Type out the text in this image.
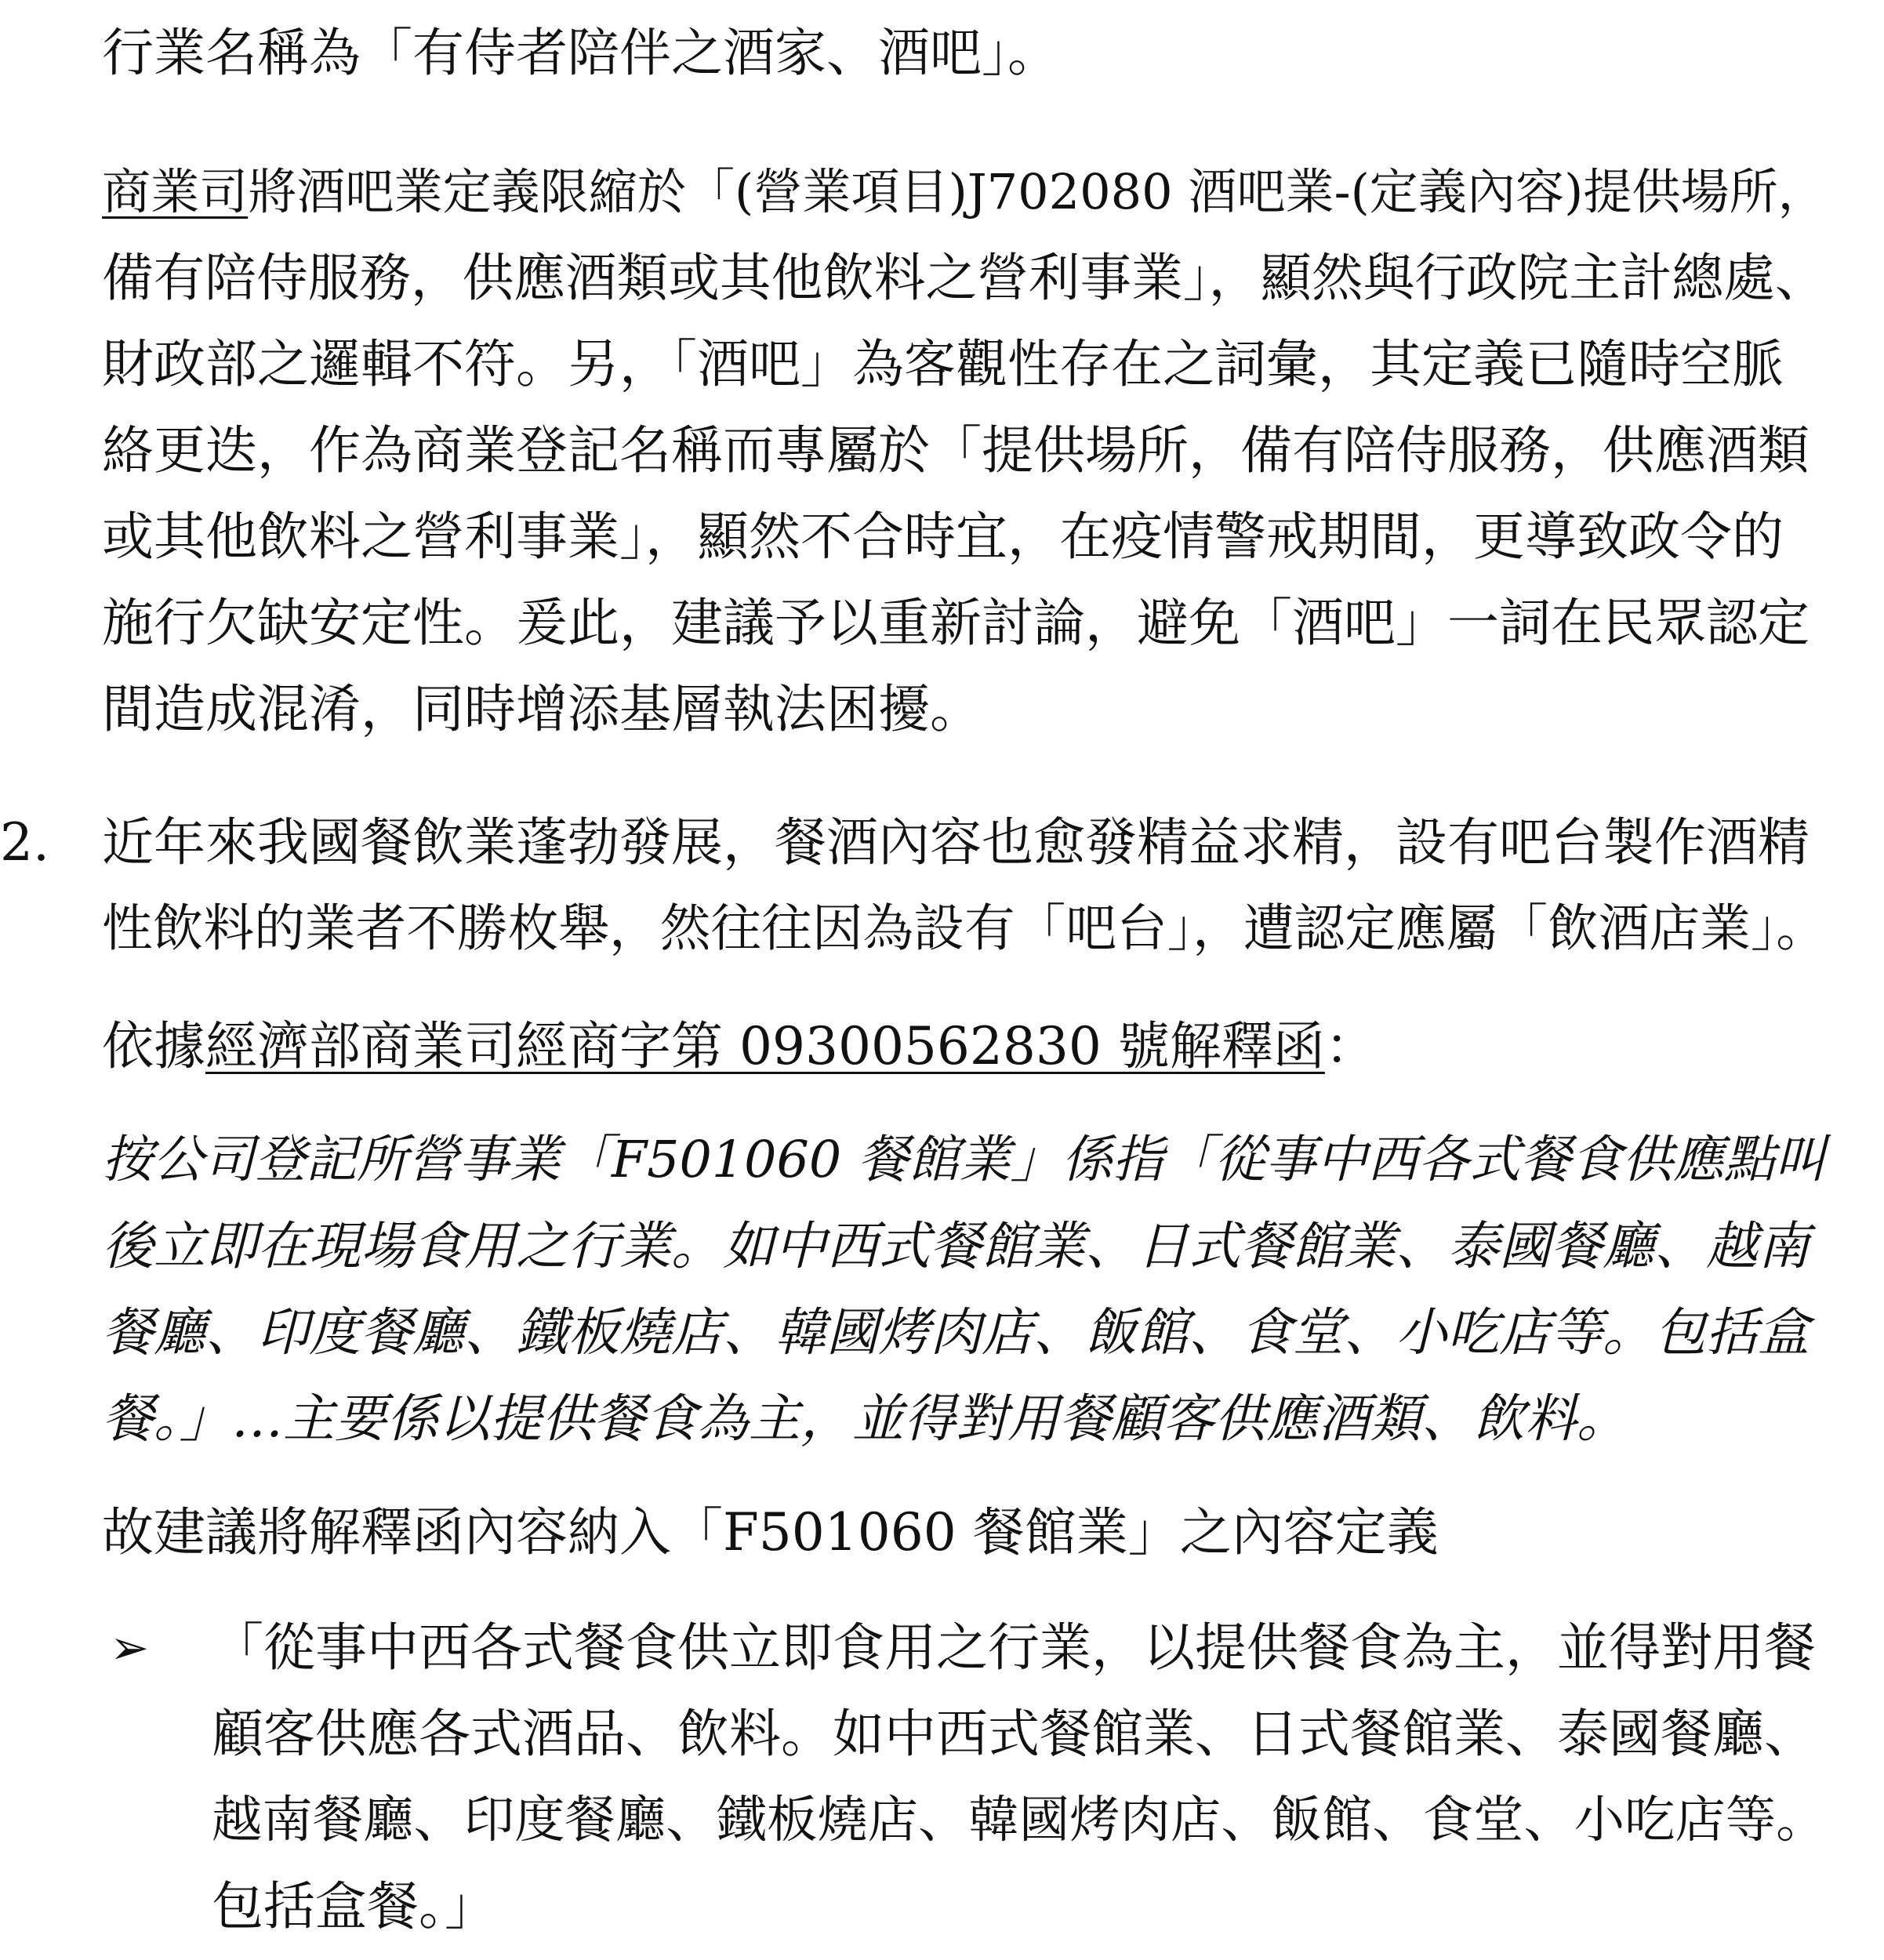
行業名稱為「有侍者陪伴之酒家、酒吧」。
商業司將酒吧業定義限縮於「(營業項目)J702080 酒吧業-(定義內容)提供場所，
備有陪侍服務，供應酒類或其他飲料之營利事業」，顯然與行政院主計總處、
財政部之邏輯不符。另，「酒吧」為客觀性存在之詞彙，其定義已隨時空脈
絡更迭，作為商業登記名稱而專屬於「提供場所，備有陪侍服務，供應酒類
或其他飲料之營利事業」，顯然不合時宜，在疫情警戒期間，更導致政令的
施行欠缺安定性。爰此，建議予以重新討論，避免「酒吧」一詞在民眾認定
間造成混淆，同時增添基層執法困擾。
2. 近年來我國餐飲業蓬勃發展，餐酒內容也愈發精益求精，設有吧台製作酒精
性飲料的業者不勝枚舉，然往往因為設有「吧台」，遭認定應屬「飲酒店業」。
依據經濟部商業司經商字第 09300562830 號解釋函：
按公司登記所營事業「F501060 餐館業」係指「從事中西各式餐食供應點叫
後立即在現場食用之行業。如中西式餐館業、日式餐館業、泰國餐廳、越南
餐廳、印度餐廳、鐵板燒店、韓國烤肉店、飯館、食堂、小吃店等。包括盒
餐。」…主要係以提供餐食為主，並得對用餐顧客供應酒類、飲料。
故建議將解釋函內容納入「F501060 餐館業」之內容定義
➢ 「從事中西各式餐食供立即食用之行業，以提供餐食為主，並得對用餐
顧客供應各式酒品、飲料。如中西式餐館業、日式餐館業、泰國餐廳、
越南餐廳、印度餐廳、鐵板燒店、韓國烤肉店、飯館、食堂、小吃店等。
包括盒餐。」
